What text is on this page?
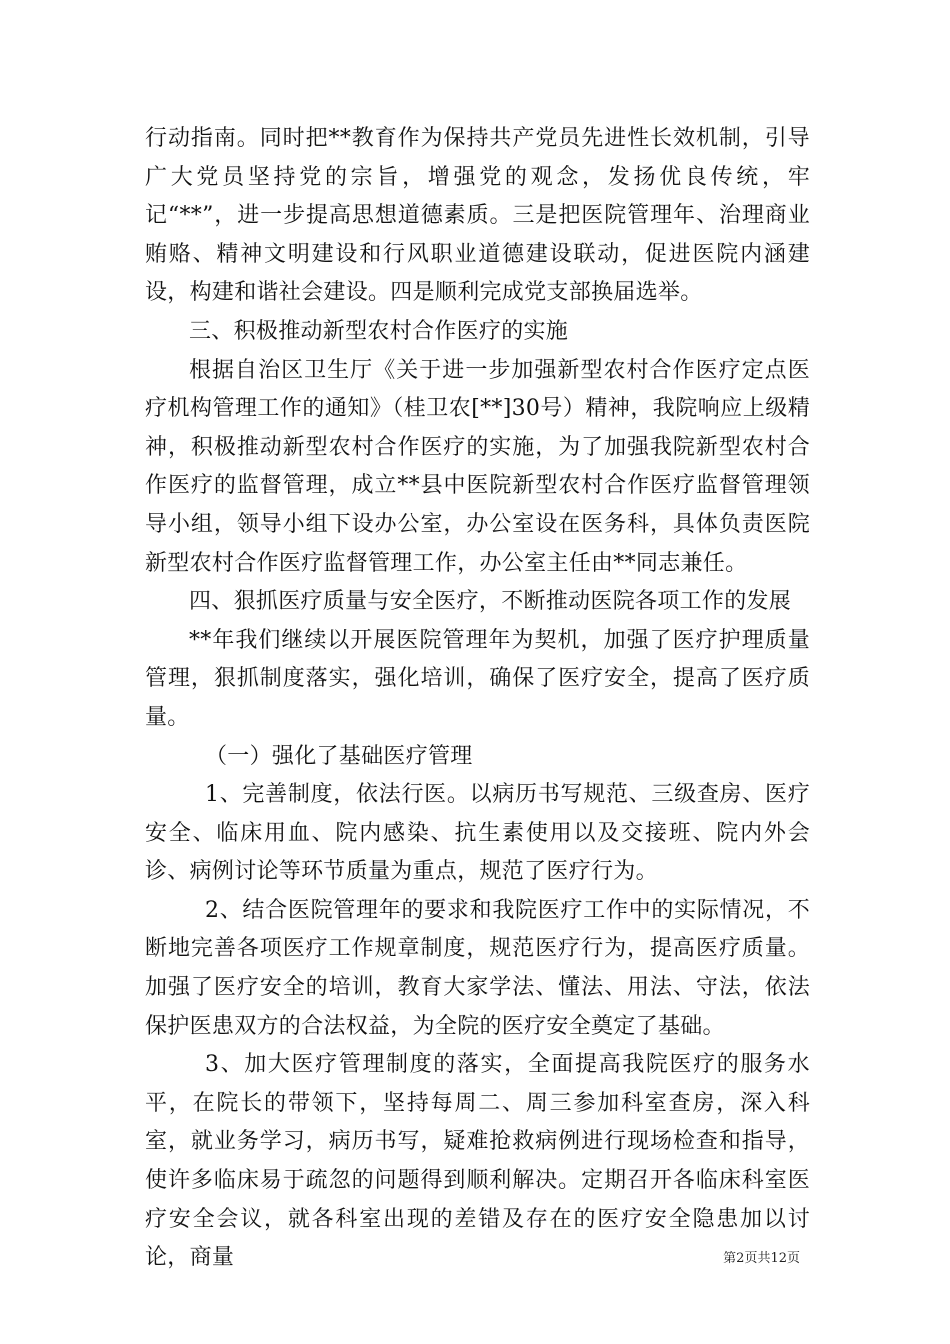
行动指南。同时把**教育作为保持共产党员先进性长效机制，引导广大党员坚持党的宗旨，增强党的观念，发扬优良传统，牢记“**”，进一步提高思想道德素质。三是把医院管理年、治理商业贿赂、精神文明建设和行风职业道德建设联动，促进医院内涵建设，构建和谐社会建设。四是顺利完成党支部换届选举。

三、积极推动新型农村合作医疗的实施

根据自治区卫生厅《关于进一步加强新型农村合作医疗定点医疗机构管理工作的通知》（桂卫农[**]30号）精神，我院响应上级精神，积极推动新型农村合作医疗的实施，为了加强我院新型农村合作医疗的监督管理，成立**县中医院新型农村合作医疗监督管理领导小组，领导小组下设办公室，办公室设在医务科，具体负责医院新型农村合作医疗监督管理工作，办公室主任由**同志兼任。

四、狠抓医疗质量与安全医疗，不断推动医院各项工作的发展

**年我们继续以开展医院管理年为契机，加强了医疗护理质量管理，狠抓制度落实，强化培训，确保了医疗安全，提高了医疗质量。

（一）强化了基础医疗管理

1、完善制度，依法行医。以病历书写规范、三级查房、医疗安全、临床用血、院内感染、抗生素使用以及交接班、院内外会诊、病例讨论等环节质量为重点，规范了医疗行为。

2、结合医院管理年的要求和我院医疗工作中的实际情况，不断地完善各项医疗工作规章制度，规范医疗行为，提高医疗质量。加强了医疗安全的培训，教育大家学法、懂法、用法、守法，依法保护医患双方的合法权益，为全院的医疗安全奠定了基础。

3、加大医疗管理制度的落实，全面提高我院医疗的服务水平，在院长的带领下，坚持每周二、周三参加科室查房，深入科室，就业务学习，病历书写，疑难抢救病例进行现场检查和指导，使许多临床易于疏忽的问题得到顺利解决。定期召开各临床科室医疗安全会议，就各科室出现的差错及存在的医疗安全隐患加以讨论，商量	第2页共12页
